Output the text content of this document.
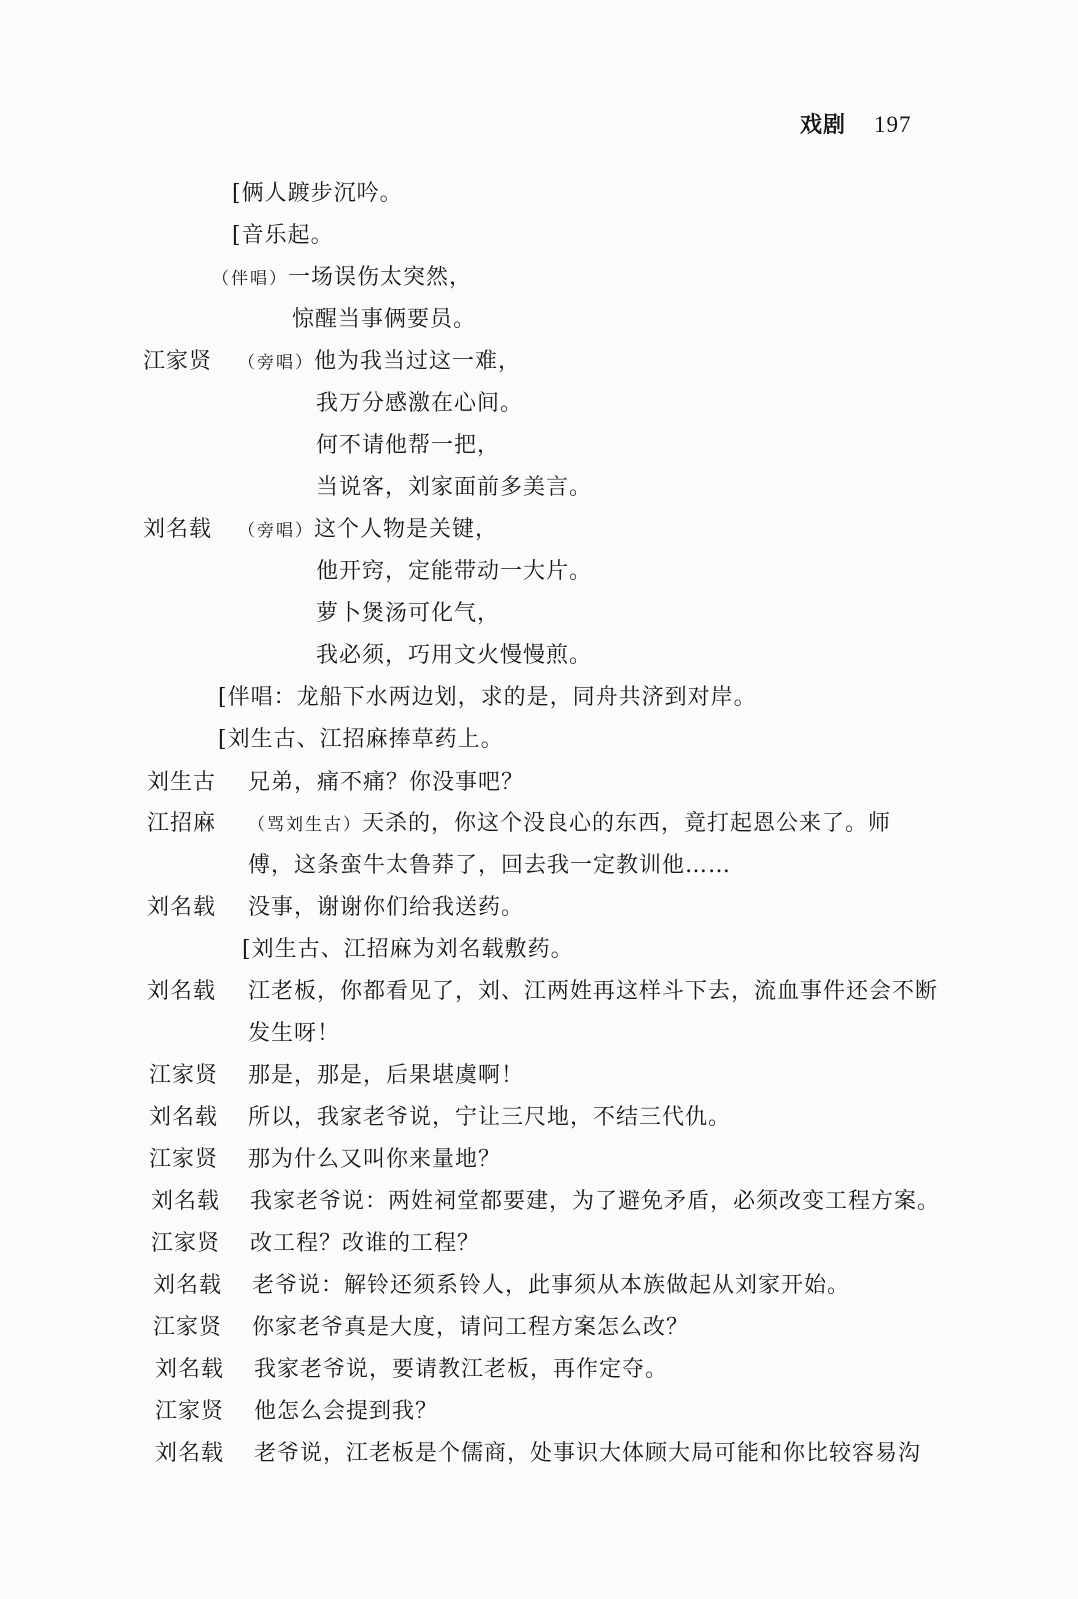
戏剧 197
[俩人踱步沉吟。
[音乐起。
（伴唱）一场误伤太突然，
惊醒当事俩要员。
江家贤 （旁唱）他为我当过这一难，
我万分感激在心间。
何不请他帮一把，
当说客，刘家面前多美言。
刘名载 （旁唱）这个人物是关键，
他开窍，定能带动一大片。
萝卜煲汤可化气，
我必须，巧用文火慢慢煎。
[伴唱：龙船下水两边划，求的是，同舟共济到对岸。
[刘生古、江招麻捧草药上。
刘生古 兄弟，痛不痛？你没事吧？
江招麻 （骂刘生古）天杀的，你这个没良心的东西，竟打起恩公来了。师
傅，这条蛮牛太鲁莽了，回去我一定教训他……
刘名载 没事，谢谢你们给我送药。
[刘生古、江招麻为刘名载敷药。
刘名载 江老板，你都看见了，刘、江两姓再这样斗下去，流血事件还会不断
发生呀！
江家贤 那是，那是，后果堪虞啊！
刘名载 所以，我家老爷说，宁让三尺地，不结三代仇。
江家贤 那为什么又叫你来量地？
刘名载 我家老爷说：两姓祠堂都要建，为了避免矛盾，必须改变工程方案。
江家贤 改工程？改谁的工程？
刘名载 老爷说：解铃还须系铃人，此事须从本族做起从刘家开始。
江家贤 你家老爷真是大度，请问工程方案怎么改？
刘名载 我家老爷说，要请教江老板，再作定夺。
江家贤 他怎么会提到我？
刘名载 老爷说，江老板是个儒商，处事识大体顾大局可能和你比较容易沟
